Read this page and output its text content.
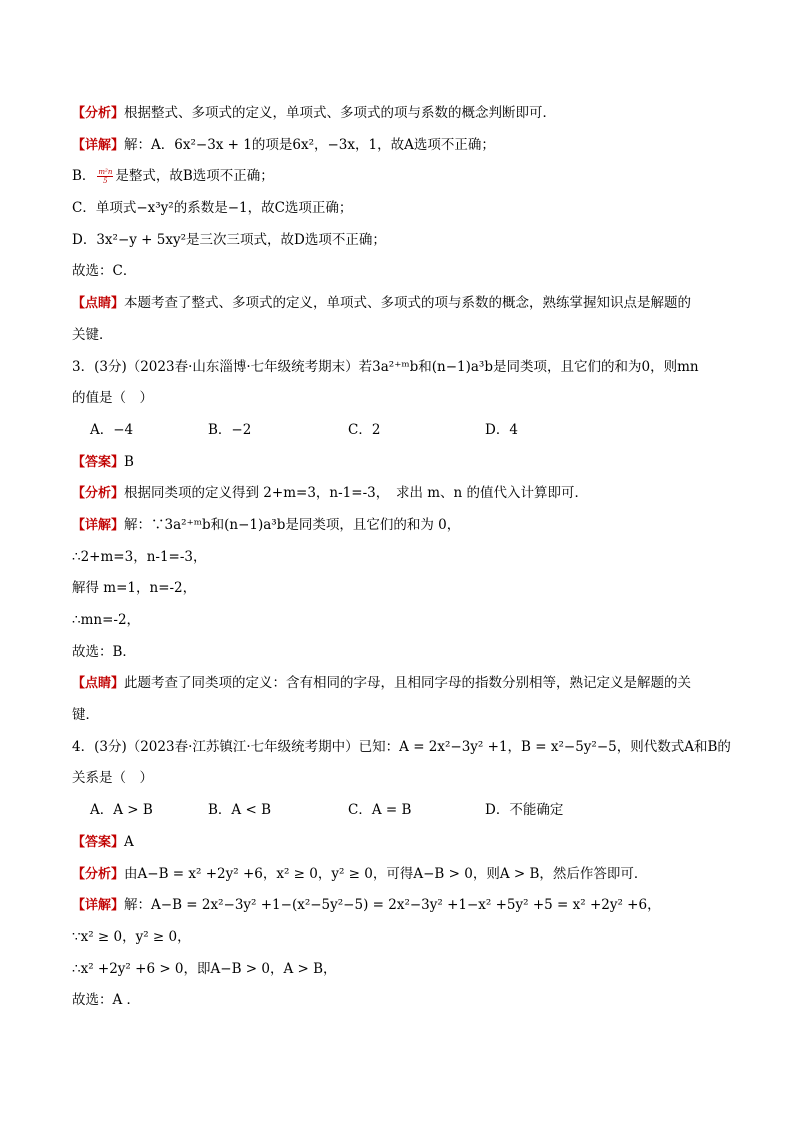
【分析】根据整式、多项式的定义，单项式、多项式的项与系数的概念判断即可．
【详解】解：A．6x²−3x + 1的项是6x²，−3x，1，故A选项不正确；
B． $\frac{\text{m²n}}{5}$ 是整式，故B选项不正确；
C．单项式−x³y²的系数是−1，故C选项正确；
D．3x²−y + 5xy²是三次三项式，故D选项不正确；
故选：C．
【点睛】本题考查了整式、多项式的定义，单项式、多项式的项与系数的概念，熟练掌握知识点是解题的
关键．
3．(3分)（2023春·山东淄博·七年级统考期末）若3a²⁺ᵐb和(n−1)a³b是同类项，且它们的和为0，则mn
的值是（　）
A．−4	B．−2	C．2	D．4
【答案】B
【分析】根据同类项的定义得到 2+m=3，n-1=-3，　求出 m、n 的值代入计算即可．
【详解】解：∵3a²⁺ᵐb和(n−1)a³b是同类项，且它们的和为 0，
∴2+m=3，n-1=-3，
解得 m=1，n=-2，
∴mn=-2，
故选：B．
【点睛】此题考查了同类项的定义：含有相同的字母，且相同字母的指数分别相等，熟记定义是解题的关
键．
4．(3分)（2023春·江苏镇江·七年级统考期中）已知：A = 2x²−3y² +1，B = x²−5y²−5，则代数式A和B的
关系是（　）
A．A > B	B．A < B	C．A = B	D．不能确定
【答案】A
【分析】由A−B = x² +2y² +6，x² ≥ 0，y² ≥ 0，可得A−B > 0，则A > B，然后作答即可．
【详解】解：A−B = 2x²−3y² +1−(x²−5y²−5) = 2x²−3y² +1−x² +5y² +5 = x² +2y² +6，
∵x² ≥ 0，y² ≥ 0，
∴x² +2y² +6 > 0，即A−B > 0，A > B，
故选：A ．
